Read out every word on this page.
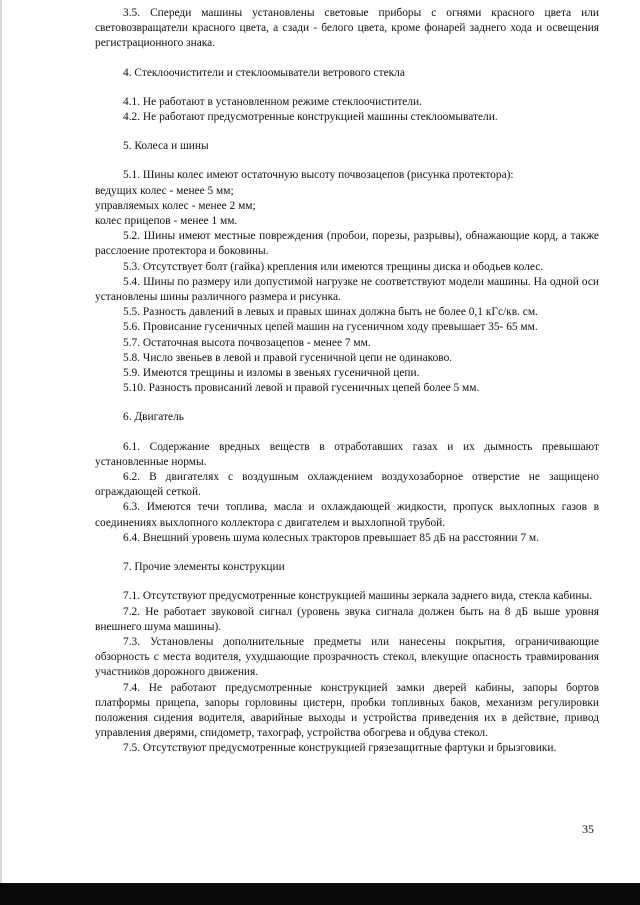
3.5. Спереди машины установлены световые приборы с огнями красного цвета или световозвращатели красного цвета, а сзади - белого цвета, кроме фонарей заднего хода и освещения регистрационного знака.

4. Стеклоочистители и стеклоомыватели ветрового стекла

4.1. Не работают в установленном режиме стеклоочистители.

4.2. Не работают предусмотренные конструкцией машины стеклоомыватели.

5. Колеса и шины

5.1. Шины колес имеют остаточную высоту почвозацепов (рисунка протектора):

ведущих колес - менее 5 мм;

управляемых колес - менее 2 мм;

колес прицепов - менее 1 мм.

5.2. Шины имеют местные повреждения (пробои, порезы, разрывы), обнажающие корд, а также расслоение протектора и боковины.

5.3. Отсутствует болт (гайка) крепления или имеются трещины диска и ободьев колес.

5.4. Шины по размеру или допустимой нагрузке не соответствуют модели машины. На одной оси установлены шины различного размера и рисунка.

5.5. Разность давлений в левых и правых шинах должна быть не более 0,1 кГс/кв. см.

5.6. Провисание гусеничных цепей машин на гусеничном ходу превышает 35- 65 мм.

5.7. Остаточная высота почвозацепов - менее 7 мм.

5.8. Число звеньев в левой и правой гусеничной цепи не одинаково.

5.9. Имеются трещины и изломы в звеньях гусеничной цепи.

5.10. Разность провисаний левой и правой гусеничных цепей более 5 мм.

6. Двигатель

6.1. Содержание вредных веществ в отработавших газах и их дымность превышают установленные нормы.

6.2. В двигателях с воздушным охлаждением воздухозаборное отверстие не защищено ограждающей сеткой.

6.3. Имеются течи топлива, масла и охлаждающей жидкости, пропуск выхлопных газов в соединениях выхлопного коллектора с двигателем и выхлопной трубой.

6.4. Внешний уровень шума колесных тракторов превышает 85 дБ на расстоянии 7 м.

7. Прочие элементы конструкции

7.1. Отсутствуют предусмотренные конструкцией машины зеркала заднего вида, стекла кабины.

7.2. Не работает звуковой сигнал (уровень звука сигнала должен быть на 8 дБ выше уровня внешнего шума машины).

7.3. Установлены дополнительные предметы или нанесены покрытия, ограничивающие обзорность с места водителя, ухудшающие прозрачность стекол, влекущие опасность травмирования участников дорожного движения.

7.4. Не работают предусмотренные конструкцией замки дверей кабины, запоры бортов платформы прицепа, запоры горловины цистерн, пробки топливных баков, механизм регулировки положения сидения водителя, аварийные выходы и устройства приведения их в действие, привод управления дверями, спидометр, тахограф, устройства обогрева и обдува стекол.

7.5. Отсутствуют предусмотренные конструкцией грязезащитные фартуки и брызговики.

35
